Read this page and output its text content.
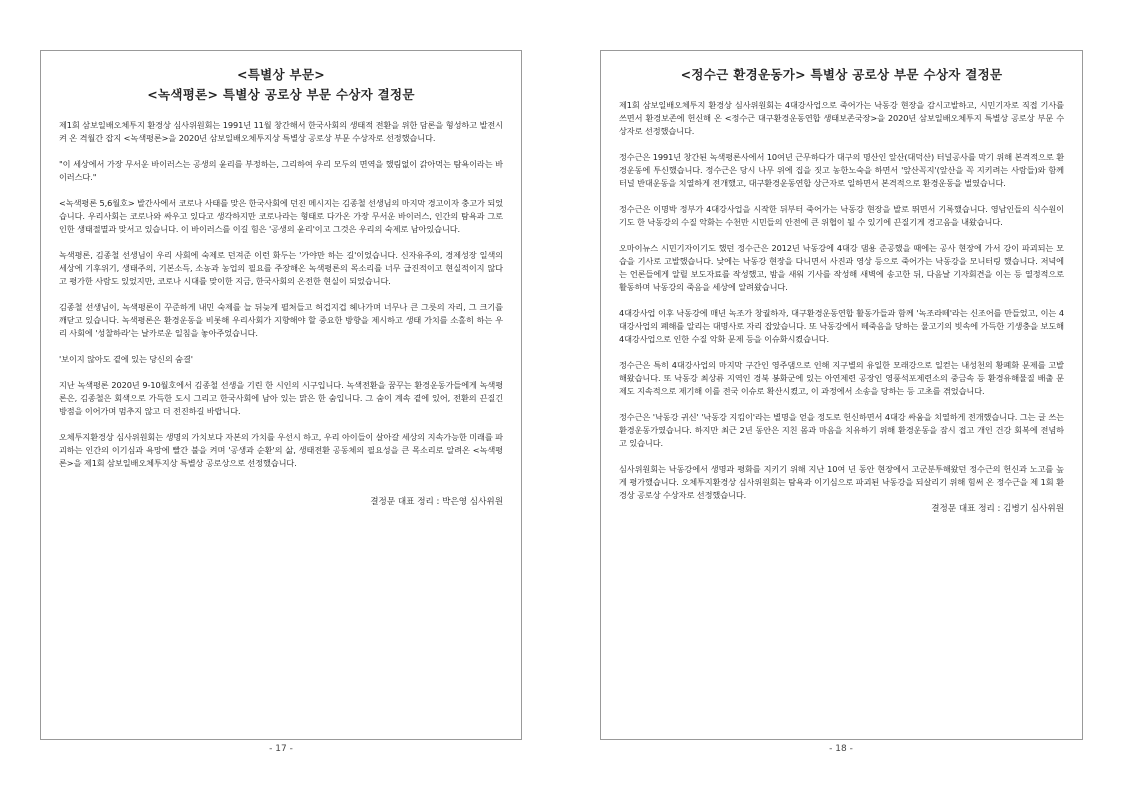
<특별상 부문>
<녹색평론> 특별상 공로상 부문 수상자 결정문

제1회 삼보일배오체투지 환경상 심사위원회는 1991년 11월 창간해서 한국사회의 생태적 전환을 위한 담론을 형성하고 발전시켜 온 격월간 잡지 <녹색평론>을 2020년 삼보일배오체투지상 특별상 공로상 부문 수상자로 선정했습니다.

"이 세상에서 가장 무서운 바이러스는 공생의 윤리를 부정하는, 그리하여 우리 모두의 면역을 했림없이 갉아먹는 탐욕이라는 바이러스다."

<녹색평론 5,6월호> 발간사에서 코로나 사태를 맞은 한국사회에 던진 메시지는 김종철 선생님의 마지막 경고이자 충고가 되었습니다. 우리사회는 코로나와 싸우고 있다고 생각하지만 코로나라는 형태로 다가온 가장 무서운 바이러스, 인간의 탐욕과 그로 인한 생태절멸과 맞서고 있습니다. 이 바이러스를 이길 힘은 '공생의 윤리'이고 그것은 우리의 숙제로 남아있습니다.

녹색평론, 김종철 선생님이 우리 사회에 숙제로 던져준 이런 화두는 '가야만 하는 길'이었습니다. 신자유주의, 경제성장 일색의 세상에 기후위기, 생태주의, 기본소득, 소농과 농업의 필요를 주장해온 녹색평론의 목소리를 너무 급진적이고 현실적이지 않다고 평가한 사람도 있었지만, 코로나 시대를 맞이한 지금, 한국사회의 온전한 현실이 되었습니다.

김종철 선생님이, 녹색평론이 꾸준하게 내민 숙제를 늘 뒤늦게 펼쳐들고 허겁지겁 헤나가며 너무나 큰 그릇의 자리, 그 크기를 깨닫고 있습니다. 녹색평론은 환경운동을 비롯해 우리사회가 지향해야 할 중요한 방향을 제시하고 생태 가치를 소홀히 하는 우리 사회에 '성찰하라'는 날카로운 일침을 놓아주었습니다.

'보이지 않아도 곁에 있는 당신의 숨결'

지난 녹색평론 2020년 9-10월호에서 김종철 선생을 기린 한 시인의 시구입니다. 녹색전환을 꿈꾸는 환경운동가들에게 녹색평론은, 김종철은 회색으로 가득한 도시 그리고 한국사회에 남아 있는 맑은 한 숨입니다. 그 숨이 계속 곁에 있어, 전환의 끈질긴 방점을 이어가며 멈추지 않고 더 전진하길 바랍니다.

오체투지환경상 심사위원회는 생명의 가치보다 자본의 가치를 우선시 하고, 우리 아이들이 살아갈 세상의 지속가능한 미래를 파괴하는 인간의 이기심과 욕망에 빨간 불을 켜며 '공생과 순환'의 삶, 생태전환 공동체의 필요성을 큰 목소리로 알려온 <녹색평론>을 제1회 삼보일배오체투지상 특별상 공로상으로 선정했습니다.

결정문 대표 정리 : 박은영 심사위원
- 17 -
<정수근 환경운동가> 특별상 공로상 부문 수상자 결정문

제1회 삼보일배오체투지 환경상 심사위원회는 4대강사업으로 죽어가는 낙동강 현장을 감시고발하고, 시민기자로 직접 기사를 쓰면서 환경보존에 헌신해 온 <정수근 대구환경운동연합 생태보존국장>을 2020년 삼보일배오체투지 특별상 공로상 부문 수상자로 선정했습니다.

정수근은 1991년 창간된 녹색평론사에서 10여년 근무하다가 대구의 명산인 앞산(대덕산) 터널공사를 막기 위해 본격적으로 환경운동에 투신했습니다. 정수근은 당시 나무 위에 집을 짓고 농한노숙을 하면서 '앞산꼭지'(앞산을 꼭 지키려는 사람들)와 함께 터널 반대운동을 치열하게 전개했고, 대구환경운동연합 상근자로 일하면서 본격적으로 환경운동을 벌였습니다.

정수근은 이명박 정부가 4대강사업을 시작한 뒤부터 죽어가는 낙동강 현장을 발로 뛰면서 기록했습니다. 영남인들의 식수원이기도 한 낙동강의 수질 악화는 수천만 시민들의 안전에 큰 위협이 될 수 있기에 끈질기게 경고음을 내왔습니다.

오마이뉴스 시민기자이기도 했던 정수근은 2012년 낙동강에 4대강 댐용 준공했을 때에는 공사 현장에 가서 강이 파괴되는 모습을 기사로 고발했습니다. 낮에는 낙동강 현장을 다니면서 사진과 영상 등으로 죽어가는 낙동강을 모니터링 했습니다. 저녁에는 언론들에게 알릴 보도자료를 작성했고, 밤을 새워 기사를 작성해 새벽에 송고한 뒤, 다음날 기자회견을 이는 등 열정적으로 활동하며 낙동강의 죽음을 세상에 알려왔습니다.

4대강사업 이후 낙동강에 매년 녹조가 창궐하자, 대구환경운동연합 활동가들과 함께 '녹조라떼'라는 신조어를 만들었고, 이는 4대강사업의 폐해를 알리는 대명사로 자리 잡았습니다. 또 낙동강에서 떼죽음을 당하는 물고기의 빗속에 가득한 기생충을 보도해 4대강사업으로 인한 수질 악화 문제 등을 이슈화시켰습니다.

정수근은 특히 4대강사업의 마지막 구간인 영주댐으로 인해 지구별의 유일한 모래강으로 일컫는 내성천의 황폐화 문제를 고발해왔습니다. 또 낙동강 최상류 지역인 경북 봉화군에 있는 아연제련 공장인 영풍석포제련소의 중금속 등 환경유해물질 배출 문제도 지속적으로 제기해 이를 전국 이슈로 확산시켰고, 이 과정에서 소송을 당하는 등 고초를 겪었습니다.

정수근은 '낙동강 귀신' '낙동강 지킴이'라는 별명을 얻을 정도로 헌신하면서 4대강 싸움을 치열하게 전개했습니다. 그는 글 쓰는 환경운동가였습니다. 하지만 최근 2년 동안은 지친 몸과 마음을 치유하기 위해 환경운동을 잠시 접고 개인 건강 회복에 전념하고 있습니다.

심사위원회는 낙동강에서 생명과 평화를 지키기 위해 지난 10여 년 동안 현장에서 고군분투해왔던 정수근의 헌신과 노고를 높게 평가했습니다. 오체투지환경상 심사위원회는 탐욕과 이기심으로 파괴된 낙동강을 되살리기 위해 힘써 온 정수근을 제 1회 환경상 공로상 수상자로 선정했습니다.

결정문 대표 정리 : 김병기 심사위원
- 18 -
